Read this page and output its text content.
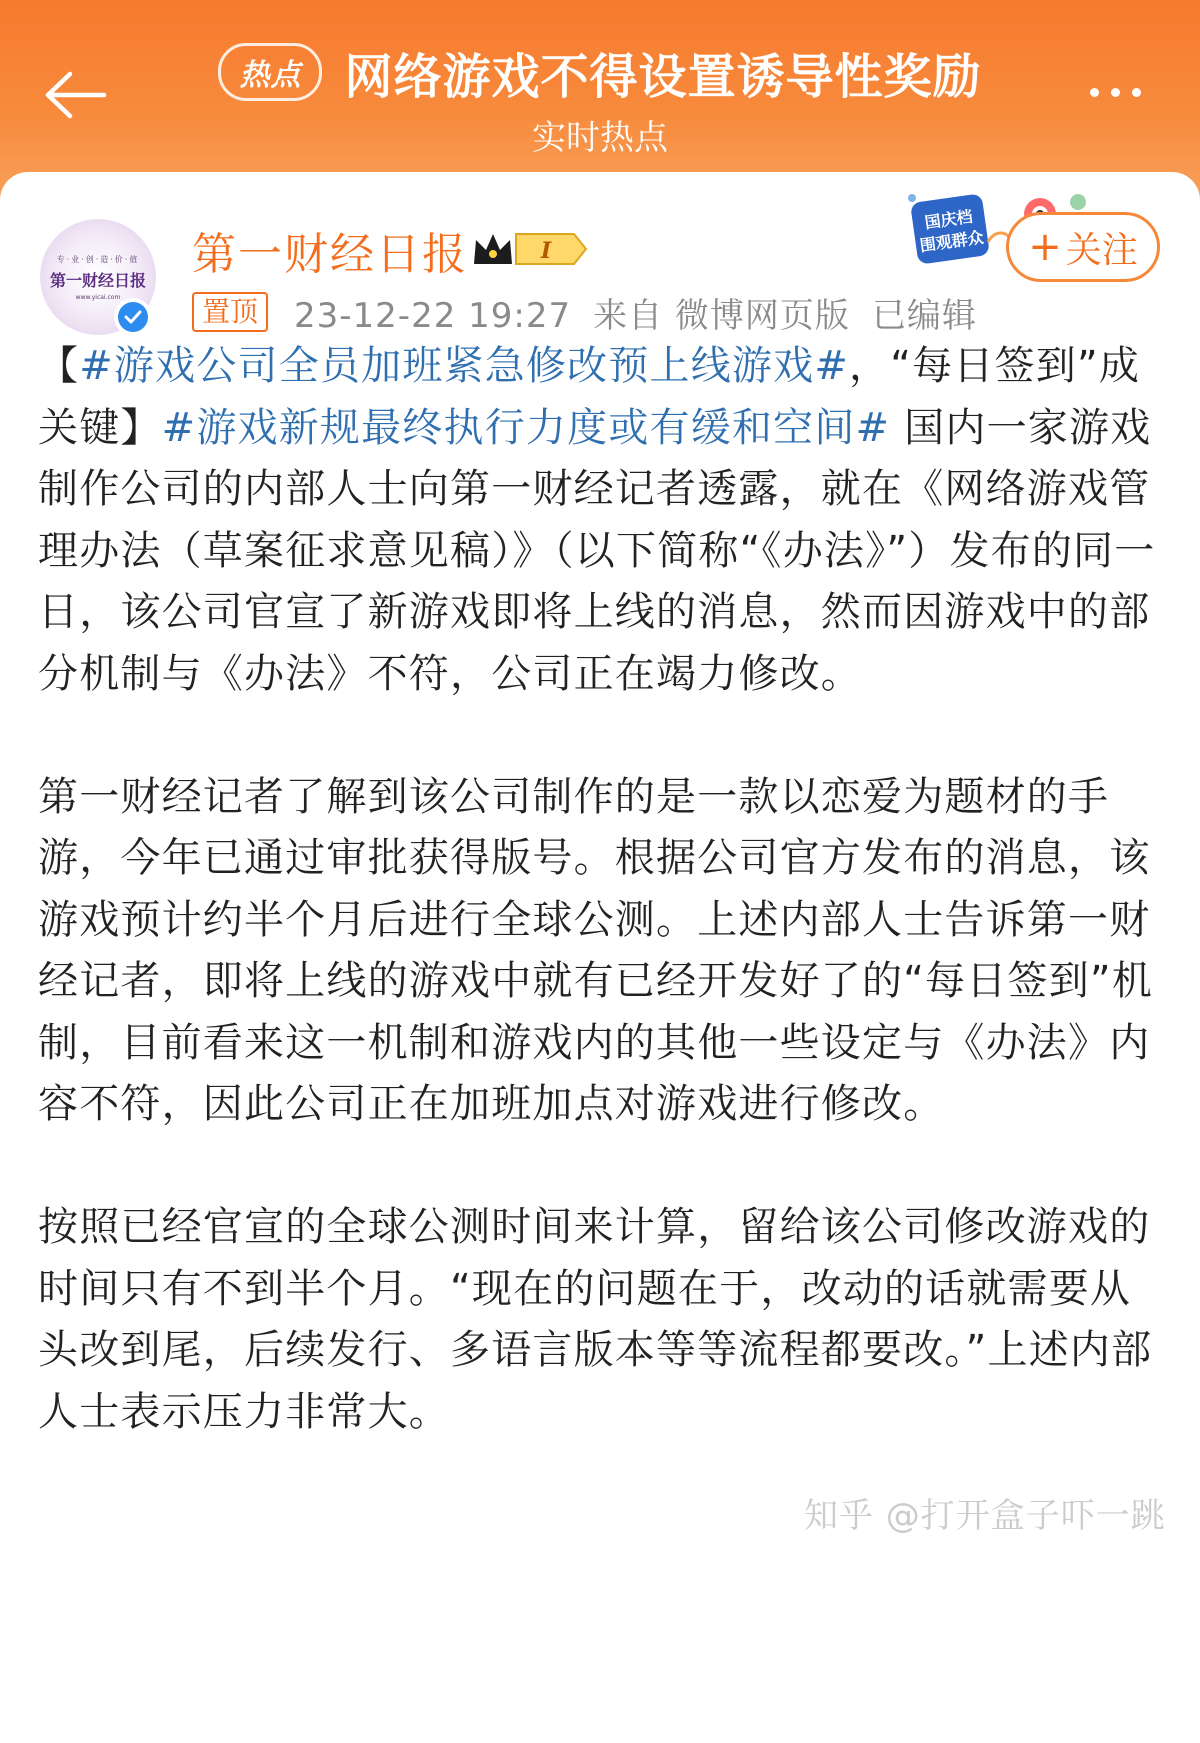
热点 网络游戏不得设置诱导性奖励
实时热点
专·业·创·造·价·值
第一财经日报
www.yicai.com
第一财经日报	I
置顶 23-12-22 19:27 来自 微博网页版 已编辑
国庆档
围观群众 + 关注

【#游戏公司全员加班紧急修改预上线游戏#，“每日签到”成关键】#游戏新规最终执行力度或有缓和空间# 国内一家游戏制作公司的内部人士向第一财经记者透露，就在《网络游戏管理办法（草案征求意见稿）》（以下简称“《办法》”）发布的同一日，该公司官宣了新游戏即将上线的消息，然而因游戏中的部分机制与《办法》不符，公司正在竭力修改。

第一财经记者了解到该公司制作的是一款以恋爱为题材的手游，今年已通过审批获得版号。根据公司官方发布的消息，该游戏预计约半个月后进行全球公测。上述内部人士告诉第一财经记者，即将上线的游戏中就有已经开发好了的“每日签到”机制，目前看来这一机制和游戏内的其他一些设定与《办法》内容不符，因此公司正在加班加点对游戏进行修改。

按照已经官宣的全球公测时间来计算，留给该公司修改游戏的时间只有不到半个月。“现在的问题在于，改动的话就需要从头改到尾，后续发行、多语言版本等等流程都要改。”上述内部人士表示压力非常大。

知乎 @打开盒子吓一跳
